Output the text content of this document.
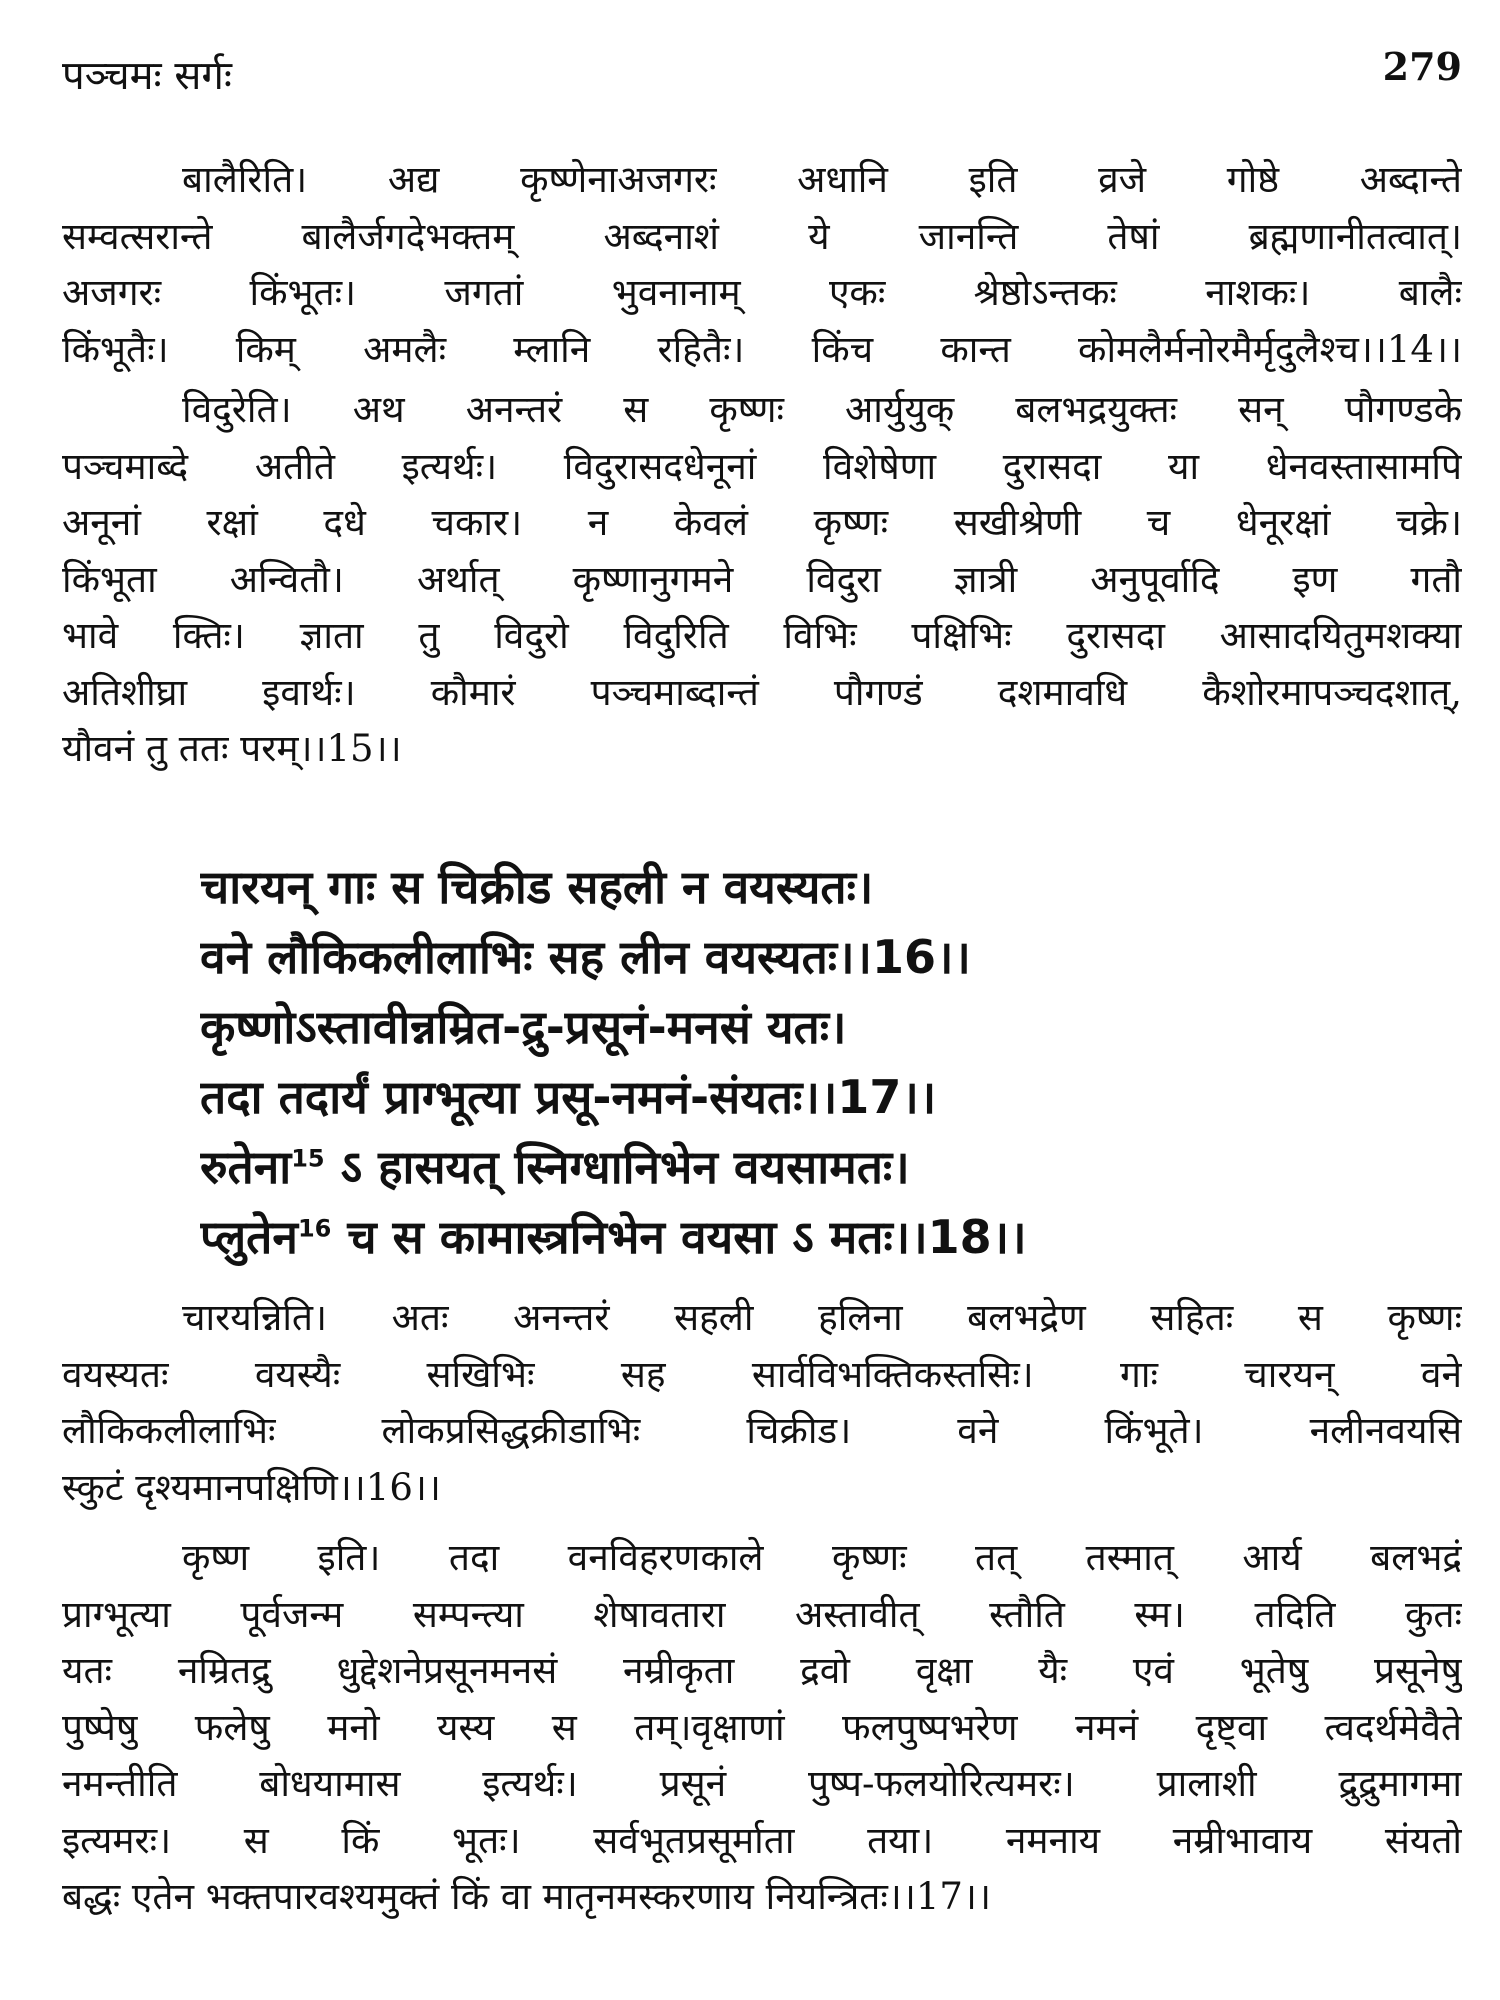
पञ्चमः सर्गः	279
बालैरिति। अद्य कृष्णेनाअजगरः अधानि इति व्रजे गोष्ठे अब्दान्ते
सम्वत्सरान्ते बालैर्जगदेभक्तम् अब्दनाशं ये जानन्ति तेषां ब्रह्मणानीतत्वात्।
अजगरः किंभूतः। जगतां भुवनानाम् एकः श्रेष्ठोऽन्तकः नाशकः। बालैः
किंभूतैः। किम् अमलैः म्लानि रहितैः। किंच कान्त कोमलैर्मनोरमैर्मृदुलैश्च।।14।।
विदुरेति। अथ अनन्तरं स कृष्णः आर्युयुक् बलभद्रयुक्तः सन् पौगण्डके
पञ्चमाब्दे अतीते इत्यर्थः। विदुरासदधेनूनां विशेषेणा दुरासदा या धेनवस्तासामपि
अनूनां रक्षां दधे चकार। न केवलं कृष्णः सखीश्रेणी च धेनूरक्षां चक्रे।
किंभूता अन्वितौ। अर्थात् कृष्णानुगमने विदुरा ज्ञात्री अनुपूर्वादि इण गतौ
भावे क्तिः। ज्ञाता तु विदुरो विदुरिति विभिः पक्षिभिः दुरासदा आसादयितुमशक्या
अतिशीघ्रा इवार्थः। कौमारं पञ्चमाब्दान्तं पौगण्डं दशमावधि कैशोरमापञ्चदशात्,
यौवनं तु ततः परम्।।15।।
चारयन् गाः स चिक्रीड सहली न वयस्यतः।
वने लौकिकलीलाभिः सह लीन वयस्यतः।।16।।
कृष्णोऽस्तावीन्नम्रित-द्रु-प्रसूनं-मनसं यतः।
तदा तदार्यं प्राग्भूत्या प्रसू-नमनं-संयतः।।17।।
रुतेना$^{15}$ ऽ हासयत् स्निग्धानिभेन वयसामतः।
प्लुतेन$^{16}$ च स कामास्त्रनिभेन वयसा ऽ मतः।।18।।
चारयन्निति। अतः अनन्तरं सहली हलिना बलभद्रेण सहितः स कृष्णः
वयस्यतः वयस्यैः सखिभिः सह सार्वविभक्तिकस्तसिः। गाः चारयन् वने
लौकिकलीलाभिः लोकप्रसिद्धक्रीडाभिः चिक्रीड। वने किंभूते। नलीनवयसि
स्कुटं दृश्यमानपक्षिणि।।16।।
कृष्ण इति। तदा वनविहरणकाले कृष्णः तत् तस्मात् आर्य बलभद्रं
प्राग्भूत्या पूर्वजन्म सम्पन्त्या शेषावतारा अस्तावीत् स्तौति स्म। तदिति कुतः
यतः नम्रितद्रु धुद्देशनेप्रसूनमनसं नम्रीकृता द्रवो वृक्षा यैः एवं भूतेषु प्रसूनेषु
पुष्पेषु फलेषु मनो यस्य स तम्।वृक्षाणां फलपुष्पभरेण नमनं दृष्ट्वा त्वदर्थमेवैते
नमन्तीति बोधयामास इत्यर्थः। प्रसूनं पुष्प-फलयोरित्यमरः। प्रालाशी द्रुद्रुमागमा
इत्यमरः। स किं भूतः। सर्वभूतप्रसूर्माता तया। नमनाय नम्रीभावाय संयतो
बद्धः एतेन भक्तपारवश्यमुक्तं किं वा मातृनमस्करणाय नियन्त्रितः।।17।।
